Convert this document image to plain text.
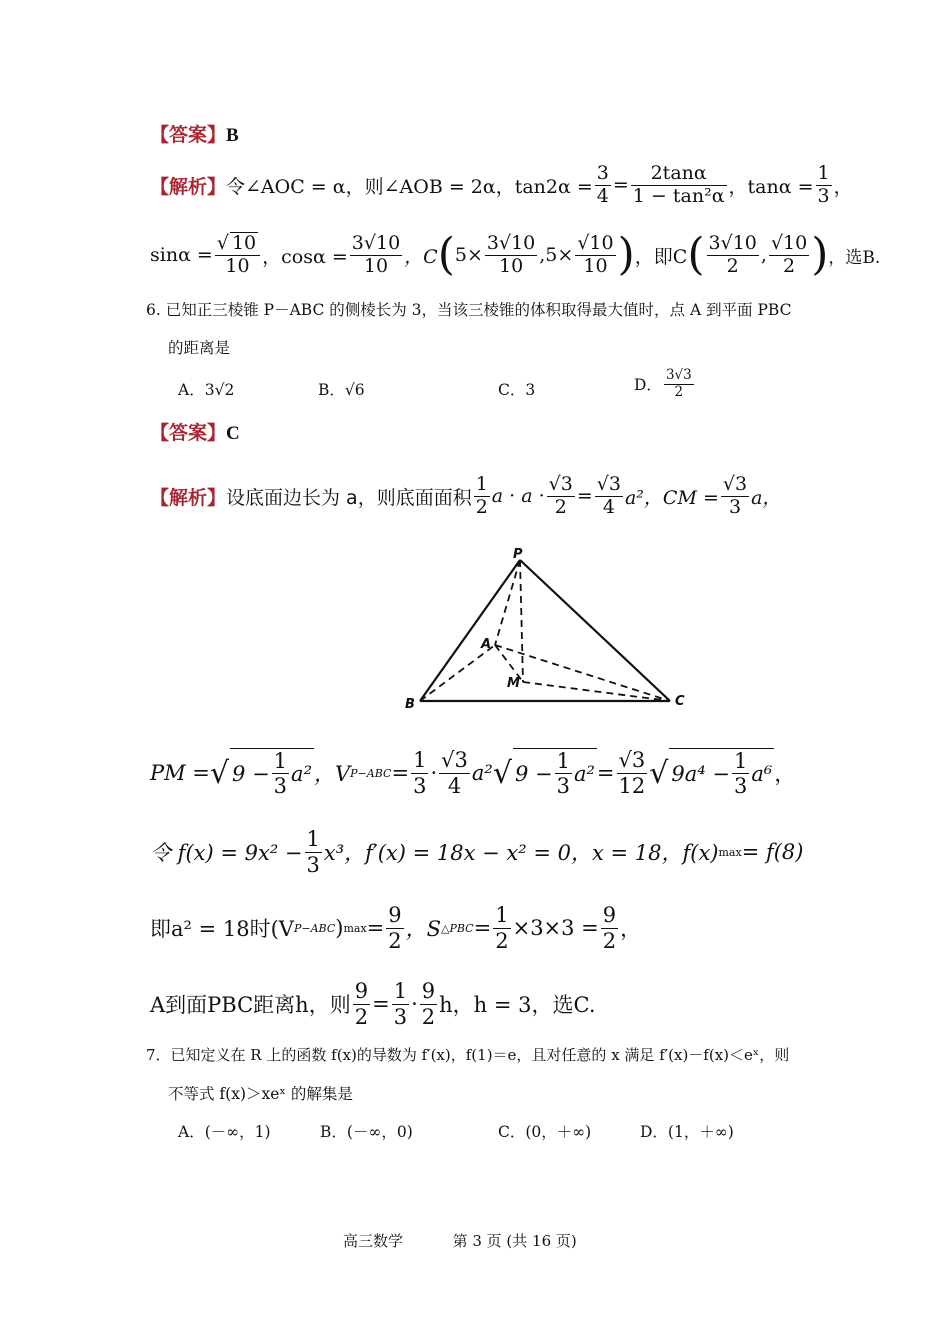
【答案】B
【解析】 令∠AOC = α，则∠AOB = 2α，$\tan 2\alpha = \frac{3}{4} = \frac{2\tan\alpha}{\text{1 − tan²α}}$ ，$\tan\alpha = \frac{1}{3}$ ，
sinα = √ $\frac{10}{10}$ ，$\cos\alpha = \frac{3√10}{10}$ ，C ( $5\times \frac{3√10}{10} ,5\times \frac{√10}{10}$ ) ，即C ( $\frac{3√10}{2}$ , $\frac{√10}{2}$ ) ，选B.
6. 已知正三棱锥 P－ABC 的侧棱长为 3，当该三棱锥的体积取得最大值时，点 A 到平面 PBC
的距离是
A．3√2	B．√6	C．3	D． $\frac{3√3}{2}$
【答案】C
【解析】 设底面边长为 a，则底面面积 $\frac{1}{2}$ $a \cdot a \cdot \frac{√3}{2} = \frac{√3}{4} a^2$，CM = $\frac{√3}{3}$ a，
P
A
M
B	C
PM = √ $9 - \frac{1}{3} a^2$ ，V $P-ABC = \frac{1}{3} \cdot \frac{√3}{4} a^2$ √ $9 - \frac{1}{3} a^2 = \frac{√3}{12}$ √ $9a^4 - \frac{1}{3} a^6$ ，
令 $f(x) = 9x^2 - \frac{1}{3} x^3$，f′(x) = 18x − x² = 0，x = 18，f(x) max = f(8)
即a² = 18时(V P−ABC ) $\max = \frac{9}{2}$ ，S △PBC = $\frac{1}{2} \times 3\times 3 = \frac{9}{2}$ ，
A到面PBC距离h，则 $\frac{9}{2} = \frac{1}{3} \cdot \frac{9}{2}$ h，h = 3，选C.
7．已知定义在 R 上的函数 f(x)的导数为 f′(x)，f(1)＝e，且对任意的 x 满足 f′(x)－f(x)＜eˣ，则
不等式 f(x)＞xeˣ 的解集是
A．(－∞，1)	B．(－∞，0)	C．(0，＋∞)	D．(1，＋∞)
高三数学	第 3 页 (共 16 页)
